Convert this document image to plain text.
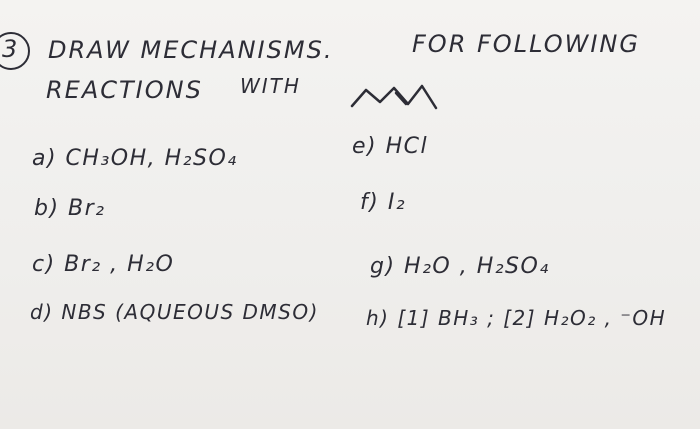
3 DRAW MECHANISMS.	FOR FOLLOWING
REACTIONS WITH
a) CH₃OH, H₂SO₄
b) Br₂
c) Br₂ , H₂O
d) NBS (AQUEOUS DMSO)
e) HCl
f) I₂
g) H₂O , H₂SO₄
h) [1] BH₃ ; [2] H₂O₂ , ⁻OH
